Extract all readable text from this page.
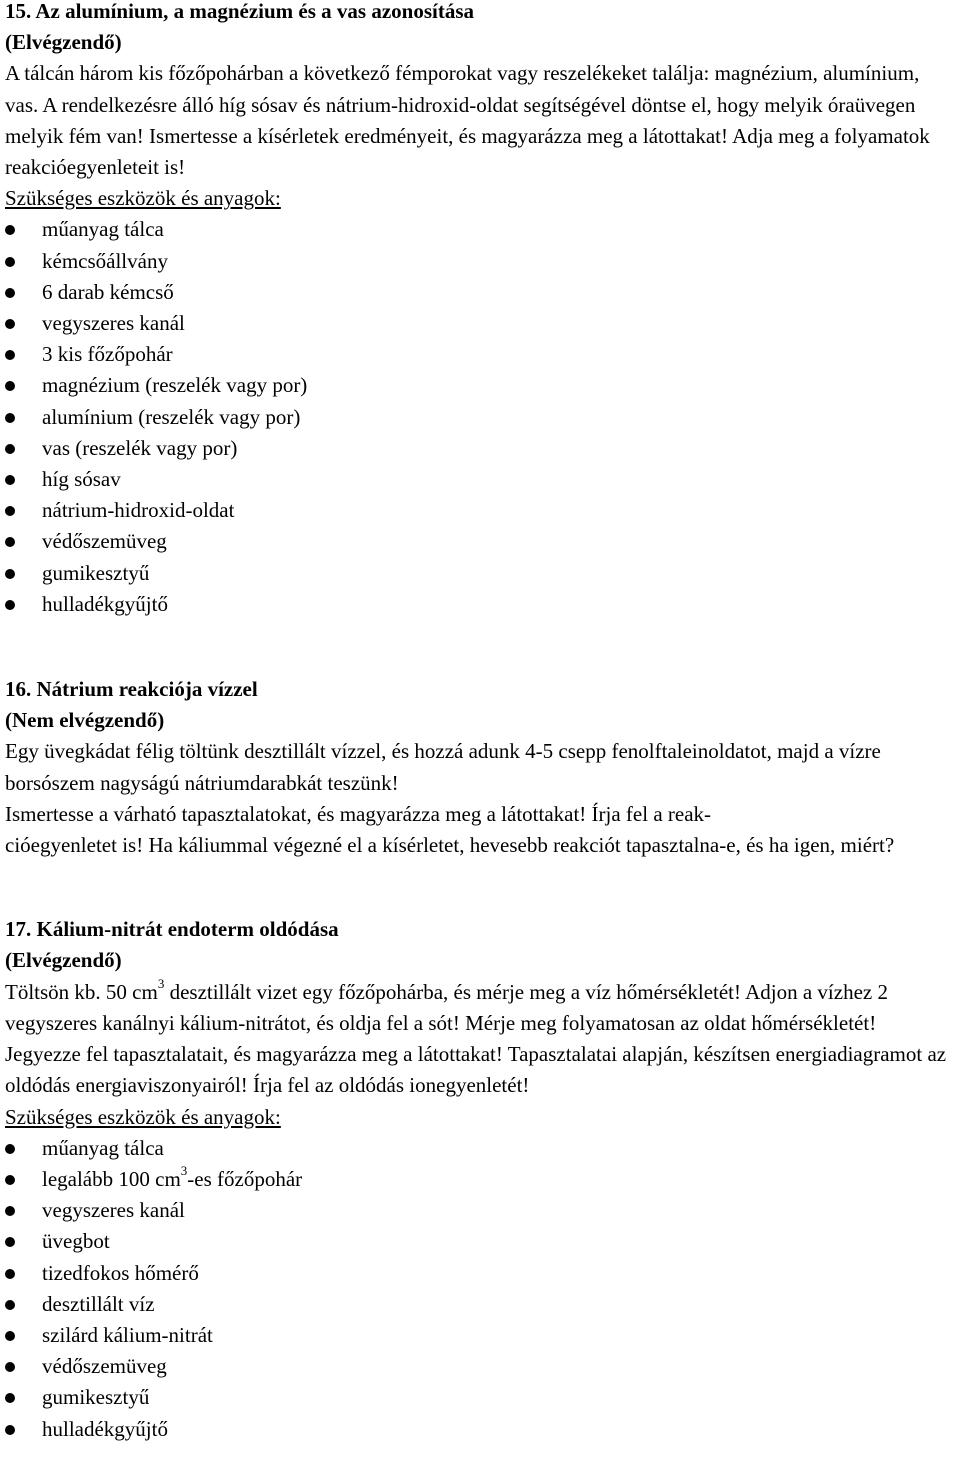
15. Az alumínium, a magnézium és a vas azonosítása
(Elvégzendő)

A tálcán három kis főzőpohárban a következő fémporokat vagy reszelékeket találja: magnézium, alumínium, vas. A rendelkezésre álló híg sósav és nátrium-hidroxid-oldat segítségével döntse el, hogy melyik óraüvegen melyik fém van! Ismertesse a kísérletek eredményeit, és magyarázza meg a látottakat! Adja meg a folyamatok reakcióegyenleteit is!

Szükséges eszközök és anyagok:
műanyag tálca
kémcsőállvány
6 darab kémcső
vegyszeres kanál
3 kis főzőpohár
magnézium (reszelék vagy por)
alumínium (reszelék vagy por)
vas (reszelék vagy por)
híg sósav
nátrium-hidroxid-oldat
védőszemüveg
gumikesztyű
hulladékgyűjtő
16. Nátrium reakciója vízzel
(Nem elvégzendő)

Egy üvegkádat félig töltünk desztillált vízzel, és hozzá adunk 4-5 csepp fenolftaleinoldatot, majd a vízre borsószem nagyságú nátriumdarabkát teszünk!

Ismertesse a várható tapasztalatokat, és magyarázza meg a látottakat! Írja fel a reak-

cióegyenletet is! Ha káliummal végezné el a kísérletet, hevesebb reakciót tapasztalna-e, és ha igen, miért?

17. Kálium-nitrát endoterm oldódása
(Elvégzendő)

Töltsön kb. 50 $cm^3$ desztillált vizet egy főzőpohárba, és mérje meg a víz hőmérsékletét! Adjon a vízhez 2 vegyszeres kanálnyi kálium-nitrátot, és oldja fel a sót! Mérje meg folyamatosan az oldat hőmérsékletét! Jegyezze fel tapasztalatait, és magyarázza meg a látottakat! Tapasztalatai alapján, készítsen energiadiagramot az oldódás energiaviszonyairól! Írja fel az oldódás ionegyenletét!

Szükséges eszközök és anyagok:
műanyag tálca
legalább 100 $cm^3-es$ főzőpohár
vegyszeres kanál
üvegbot
tizedfokos hőmérő
desztillált víz
szilárd kálium-nitrát
védőszemüveg
gumikesztyű
hulladékgyűjtő
